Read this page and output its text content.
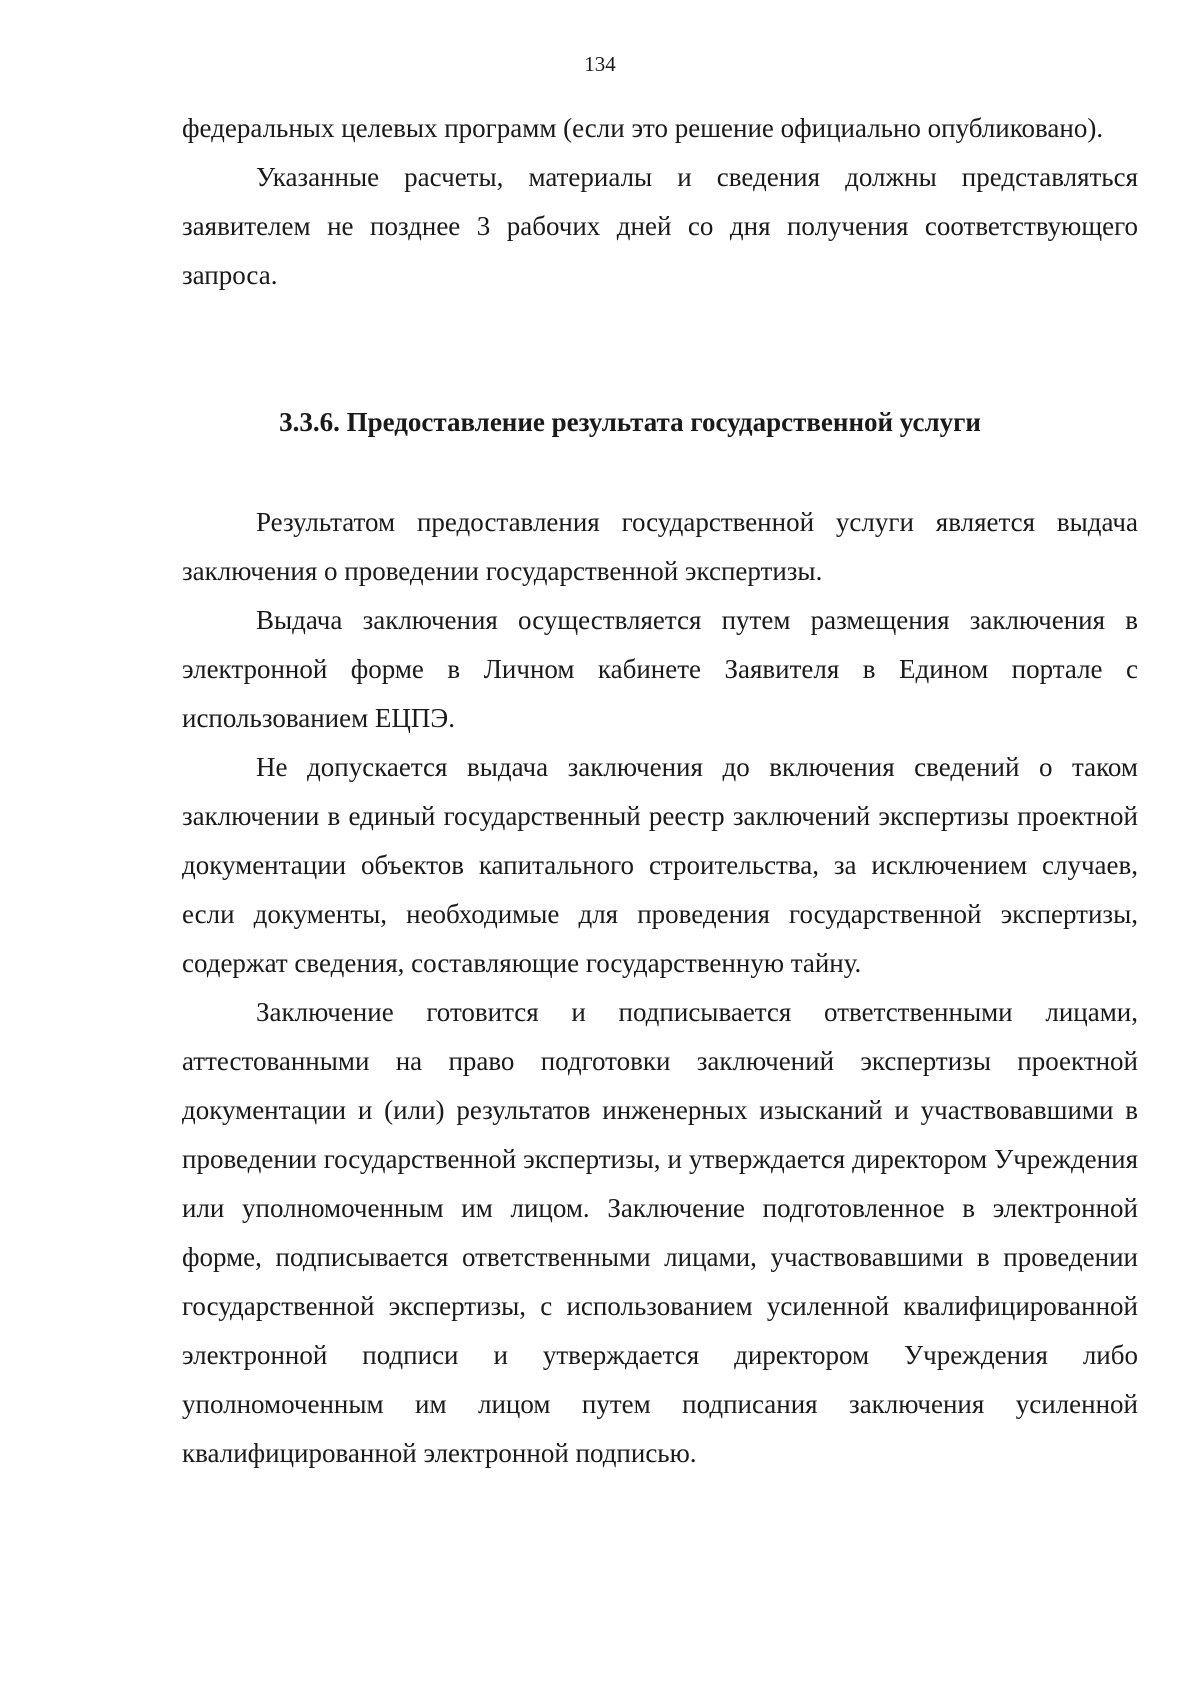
134

федеральных целевых программ (если это решение официально опубликовано).

Указанные расчеты, материалы и сведения должны представляться заявителем не позднее 3 рабочих дней со дня получения соответствующего запроса.

3.3.6. Предоставление результата государственной услуги

Результатом предоставления государственной услуги является выдача заключения о проведении государственной экспертизы.

Выдача заключения осуществляется путем размещения заключения в электронной форме в Личном кабинете Заявителя в Едином портале с использованием ЕЦПЭ.

Не допускается выдача заключения до включения сведений о таком заключении в единый государственный реестр заключений экспертизы проектной документации объектов капитального строительства, за исключением случаев, если документы, необходимые для проведения государственной экспертизы, содержат сведения, составляющие государственную тайну.

Заключение готовится и подписывается ответственными лицами, аттестованными на право подготовки заключений экспертизы проектной документации и (или) результатов инженерных изысканий и участвовавшими в проведении государственной экспертизы, и утверждается директором Учреждения или уполномоченным им лицом. Заключение подготовленное в электронной форме, подписывается ответственными лицами, участвовавшими в проведении государственной экспертизы, с использованием усиленной квалифицированной электронной подписи и утверждается директором Учреждения либо уполномоченным им лицом путем подписания заключения усиленной квалифицированной электронной подписью.
